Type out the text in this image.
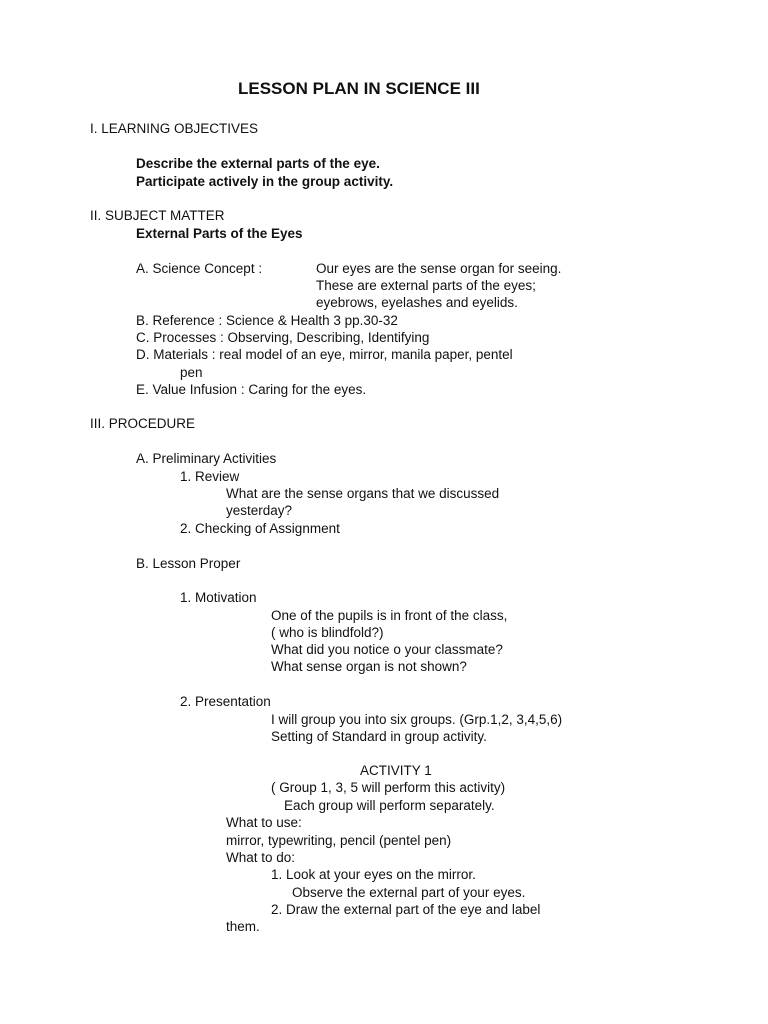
LESSON PLAN IN SCIENCE III
I. LEARNING OBJECTIVES
Describe the external parts of the eye.
Participate actively in the group activity.
II. SUBJECT MATTER
External Parts of the Eyes
A. Science Concept :	Our eyes are the sense organ for seeing.
These are external parts of the eyes;
eyebrows, eyelashes and eyelids.
B. Reference : Science & Health 3 pp.30-32
C. Processes : Observing, Describing, Identifying
D. Materials : real model of an eye, mirror, manila paper, pentel
pen
E. Value Infusion : Caring for the eyes.
III. PROCEDURE
A. Preliminary Activities
1. Review
What are the sense organs that we discussed
yesterday?
2. Checking of Assignment
B. Lesson Proper
1. Motivation
One of the pupils is in front of the class,
( who is blindfold?)
What did you notice o your classmate?
What sense organ is not shown?
2. Presentation
I will group you into six groups. (Grp.1,2, 3,4,5,6)
Setting of Standard in group activity.
ACTIVITY 1
( Group 1, 3, 5 will perform this activity)
Each group will perform separately.
What to use:
mirror, typewriting, pencil (pentel pen)
What to do:
1. Look at your eyes on the mirror.
Observe the external part of your eyes.
2. Draw the external part of the eye and label
them.
